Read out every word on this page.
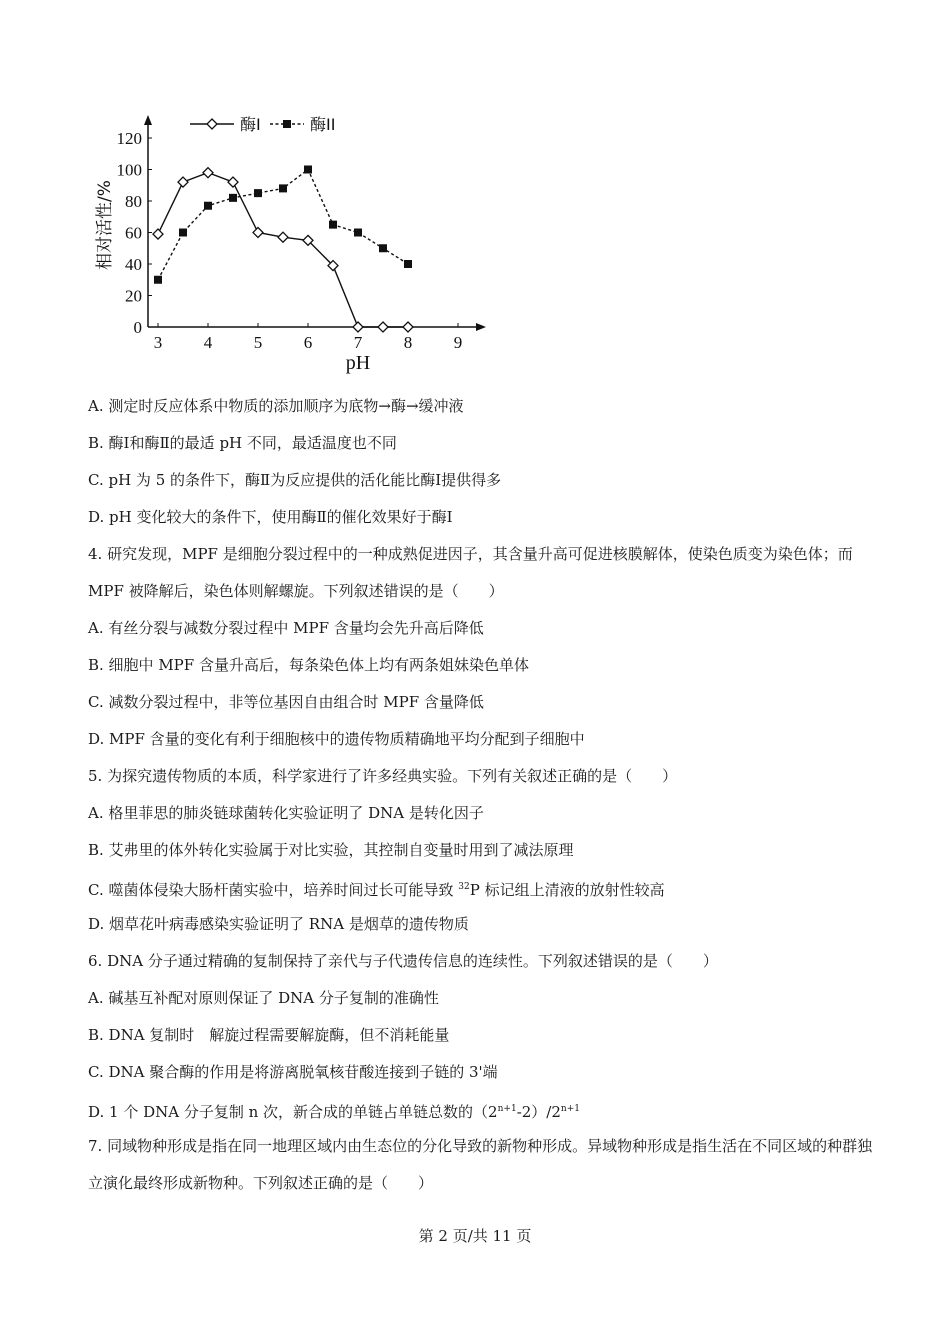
3 4 5 6 7 8 9
0
20
40
60
80
100
120
pH
相对活性/%
酶I	酶II
A. 测定时反应体系中物质的添加顺序为底物→酶→缓冲液
B. 酶Ⅰ和酶Ⅱ的最适 pH 不同，最适温度也不同
C. pH 为 5 的条件下，酶Ⅱ为反应提供的活化能比酶Ⅰ提供得多
D. pH 变化较大的条件下，使用酶Ⅱ的催化效果好于酶Ⅰ
4. 研究发现，MPF 是细胞分裂过程中的一种成熟促进因子，其含量升高可促进核膜解体，使染色质变为染色体；而 MPF 被降解后，染色体则解螺旋。下列叙述错误的是（　　）
A. 有丝分裂与减数分裂过程中 MPF 含量均会先升高后降低
B. 细胞中 MPF 含量升高后，每条染色体上均有两条姐妹染色单体
C. 减数分裂过程中，非等位基因自由组合时 MPF 含量降低
D. MPF 含量的变化有利于细胞核中的遗传物质精确地平均分配到子细胞中
5. 为探究遗传物质的本质，科学家进行了许多经典实验。下列有关叙述正确的是（　　）
A. 格里菲思的肺炎链球菌转化实验证明了 DNA 是转化因子
B. 艾弗里的体外转化实验属于对比实验，其控制自变量时用到了减法原理
C. 噬菌体侵染大肠杆菌实验中，培养时间过长可能导致 $^{32}$P 标记组上清液的放射性较高
D. 烟草花叶病毒感染实验证明了 RNA 是烟草的遗传物质
6. DNA 分子通过精确的复制保持了亲代与子代遗传信息的连续性。下列叙述错误的是（　　）
A. 碱基互补配对原则保证了 DNA 分子复制的准确性
B. DNA 复制时　解旋过程需要解旋酶，但不消耗能量
C. DNA 聚合酶的作用是将游离脱氧核苷酸连接到子链的 3'端
D. 1 个 DNA 分子复制 n 次，新合成的单链占单链总数的$(2^{n+1}-2)/2^{n+1}$
7. 同域物种形成是指在同一地理区域内由生态位的分化导致的新物种形成。异域物种形成是指生活在不同区域的种群独立演化最终形成新物种。下列叙述正确的是（　　）
第 2 页/共 11 页
